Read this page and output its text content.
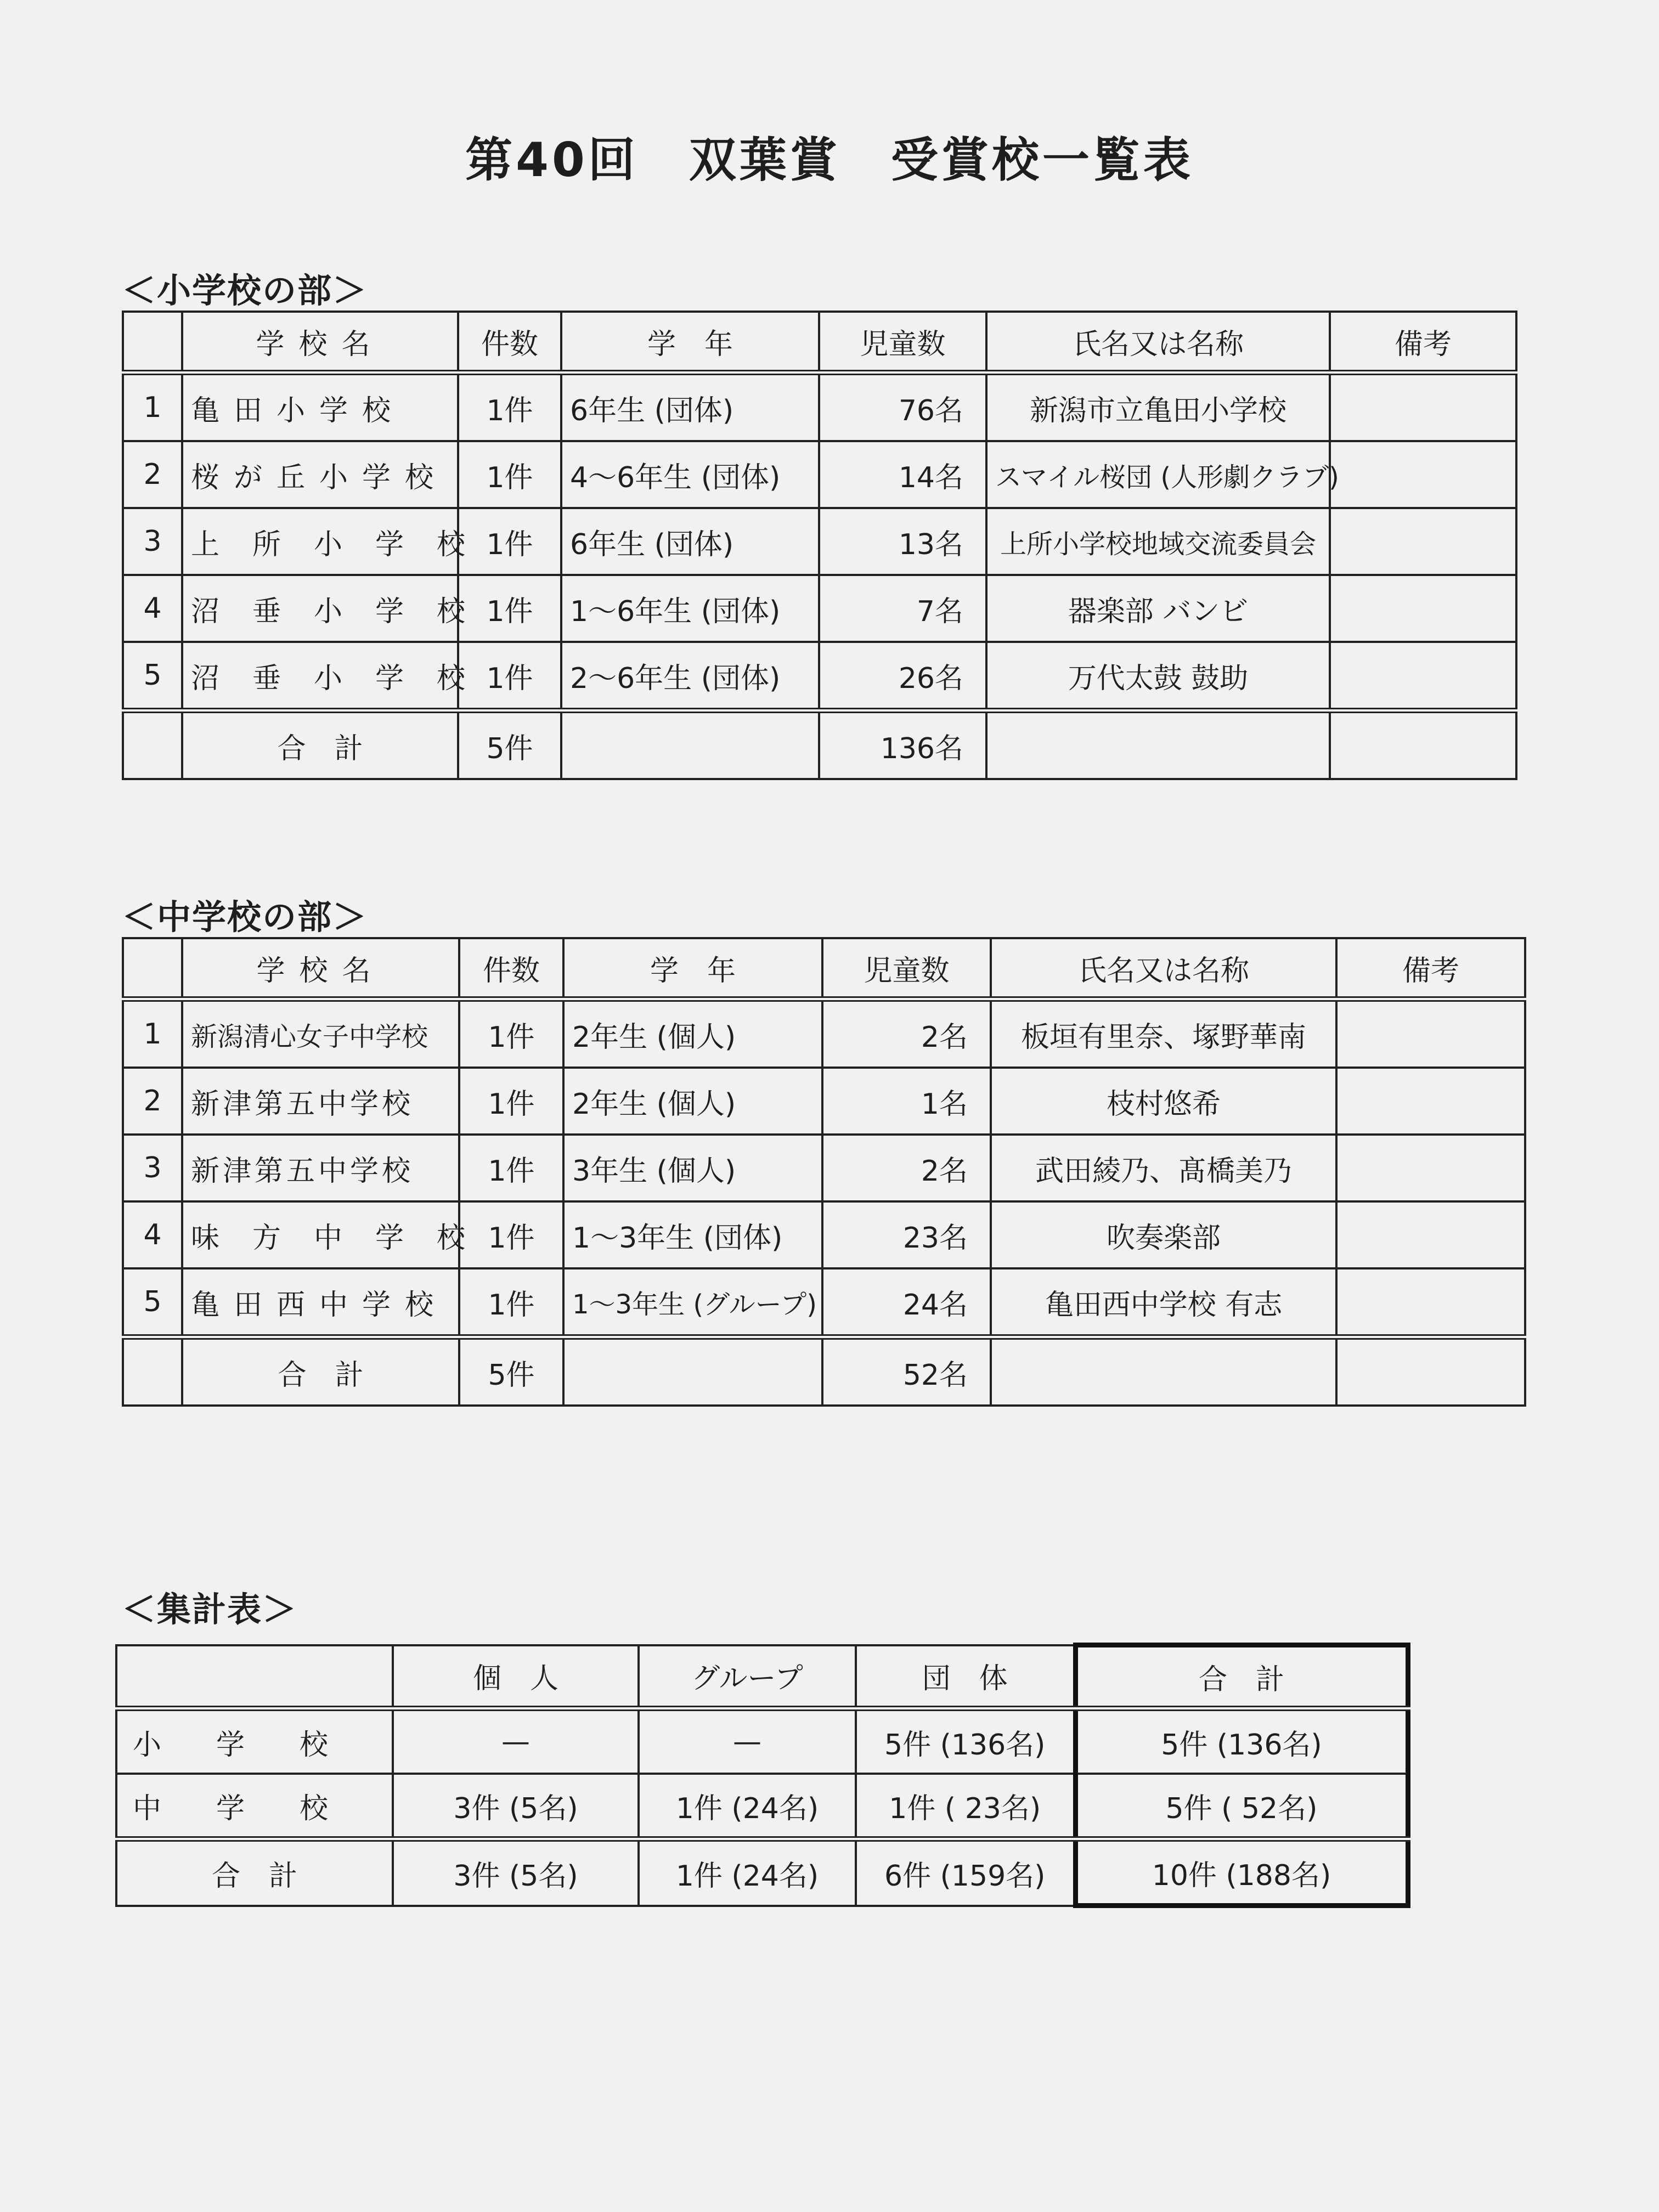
第40回　双葉賞　受賞校一覧表
＜小学校の部＞
	学校名	件数	学　年	児童数	氏名又は名称	備考
1	亀田小学校	1件	6年生 (団体)	76名	新潟市立亀田小学校	
2	桜が丘小学校	1件	4～6年生 (団体)	14名	スマイル桜団 (人形劇クラブ)	
3	上所小学校	1件	6年生 (団体)	13名	上所小学校地域交流委員会	
4	沼垂小学校	1件	1～6年生 (団体)	7名	器楽部 バンビ	
5	沼垂小学校	1件	2～6年生 (団体)	26名	万代太鼓 鼓助	
	合　計	5件		136名		
＜中学校の部＞
	学校名	件数	学　年	児童数	氏名又は名称	備考
1	新潟清心女子中学校	1件	2年生 (個人)	2名	板垣有里奈、塚野華南	
2	新津第五中学校	1件	2年生 (個人)	1名	枝村悠希	
3	新津第五中学校	1件	3年生 (個人)	2名	武田綾乃、髙橋美乃	
4	味方中学校	1件	1～3年生 (団体)	23名	吹奏楽部	
5	亀田西中学校	1件	1～3年生 (グループ)	24名	亀田西中学校 有志	
	合　計	5件		52名		
＜集計表＞
	個　人	グループ	団　体	合　計
小　学　校	—	—	5件 (136名)	5件 (136名)
中　学　校	3件 (5名)	1件 (24名)	1件 ( 23名)	5件 ( 52名)
合　計	3件 (5名)	1件 (24名)	6件 (159名)	10件 (188名)
